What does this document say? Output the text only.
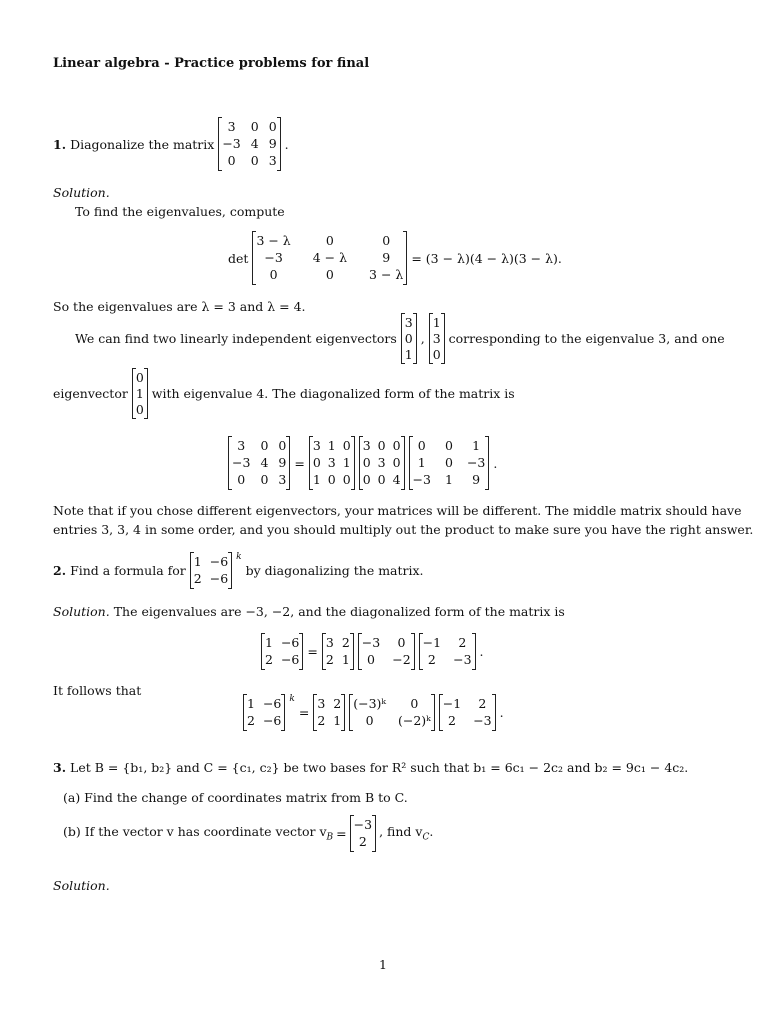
Linear algebra - Practice problems for final
1. Diagonalize the matrix
3	0 0
−3 4 9
0	0 3
.
Solution.
To find the eigenvalues, compute
det
3 − λ	0	0
−3	4 − λ	9
0	0	3 − λ
= (3 − λ)(4 − λ)(3 − λ).
So the eigenvalues are λ = 3 and λ = 4.
We can find two linearly independent eigenvectors
3
0
1
,
1
3
0
corresponding to the eigenvalue 3, and one
eigenvector
0
1
0
with eigenvalue 4. The diagonalized form of the matrix is
3	0 0
−3 4 9
0	0 3
=
3 1 0
0 3 1
1 0 0
3 0 0
0 3 0
0 0 4
0	0	1
1	0 −3
−3 1	9
.
Note that if you chose different eigenvectors, your matrices will be different. The middle matrix should have
entries 3, 3, 4 in some order, and you should multiply out the product to make sure you have the right answer.
2. Find a formula for
1 −6
2 −6
$^k$
by diagonalizing the matrix.
Solution. The eigenvalues are −3, −2, and the diagonalized form of the matrix is
1 −6
2 −6
=
3 2
2 1
−3	0
0	−2
−1	2
2	−3
.
It follows that
1 −6
2 −6
$^k$
=
3 2
2 1
(−3)ᵏ	0
0	(−2)ᵏ
−1	2
2	−3
.
3. Let B = {b₁, b₂} and C = {c₁, c₂} be two bases for R² such that b₁ = 6c₁ − 2c₂ and b₂ = 9c₁ − 4c₂.
(a) Find the change of coordinates matrix from B to C.
(b) If the vector v has coordinate vector $v_B$ =
−3
2
, find $v_C$.
Solution.
1
